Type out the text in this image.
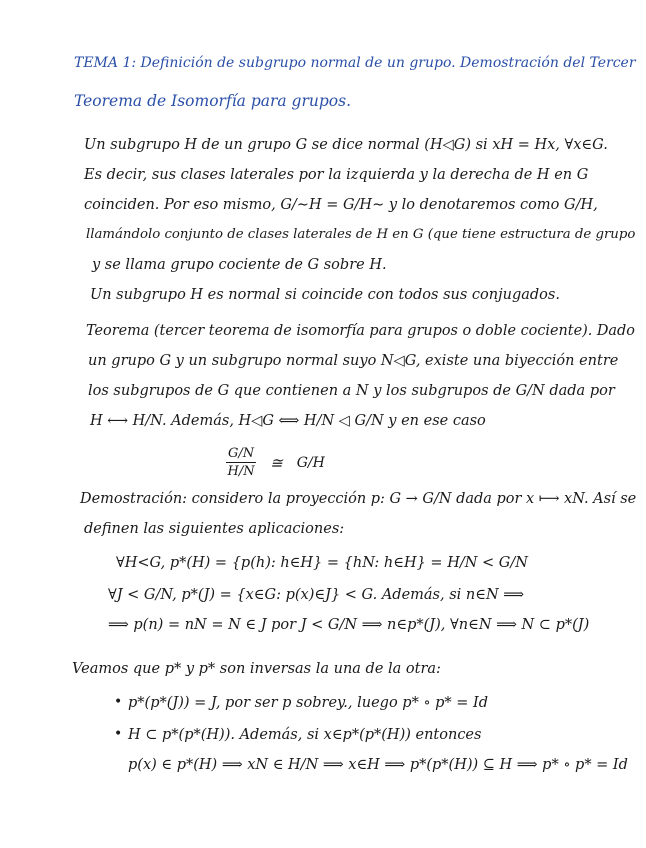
TEMA 1: Definición de subgrupo normal de un grupo. Demostración del Tercer
Teorema de Isomorfía para grupos.
Un subgrupo H de un grupo G se dice normal (H◁G) si xH = Hx, ∀x∈G.
Es decir, sus clases laterales por la izquierda y la derecha de H en G
coinciden. Por eso mismo, G/∼H = G/H∼ y lo denotaremos como G/H,
llamándolo conjunto de clases laterales de H en G (que tiene estructura de grupo
y se llama grupo cociente de G sobre H.
Un subgrupo H es normal si coincide con todos sus conjugados.
Teorema (tercer teorema de isomorfía para grupos o doble cociente). Dado
un grupo G y un subgrupo normal suyo N◁G, existe una biyección entre
los subgrupos de G que contienen a N y los subgrupos de G/N dada por
H ⟷ H/N. Además, H◁G ⟺ H/N ◁ G/N y en ese caso
$\frac{G/N}{H/N}$ ≅ G/H
Demostración: considero la proyección p: G → G/N dada por x ⟼ xN. Así se
definen las siguientes aplicaciones:
∀H<G, p*(H) = {p(h): h∈H} = {hN: h∈H} = H/N < G/N
∀J < G/N, p*(J) = {x∈G: p(x)∈J} < G. Además, si n∈N ⟹
⟹ p(n) = nN = N ∈ J por J < G/N ⟹ n∈p*(J), ∀n∈N ⟹ N ⊂ p*(J)
Veamos que p* y p* son inversas la una de la otra:
• p*(p*(J)) = J, por ser p sobrey., luego p* ∘ p* = Id
• H ⊂ p*(p*(H)). Además, si x∈p*(p*(H)) entonces
p(x) ∈ p*(H) ⟹ xN ∈ H/N ⟹ x∈H ⟹ p*(p*(H)) ⊆ H ⟹ p* ∘ p* = Id
